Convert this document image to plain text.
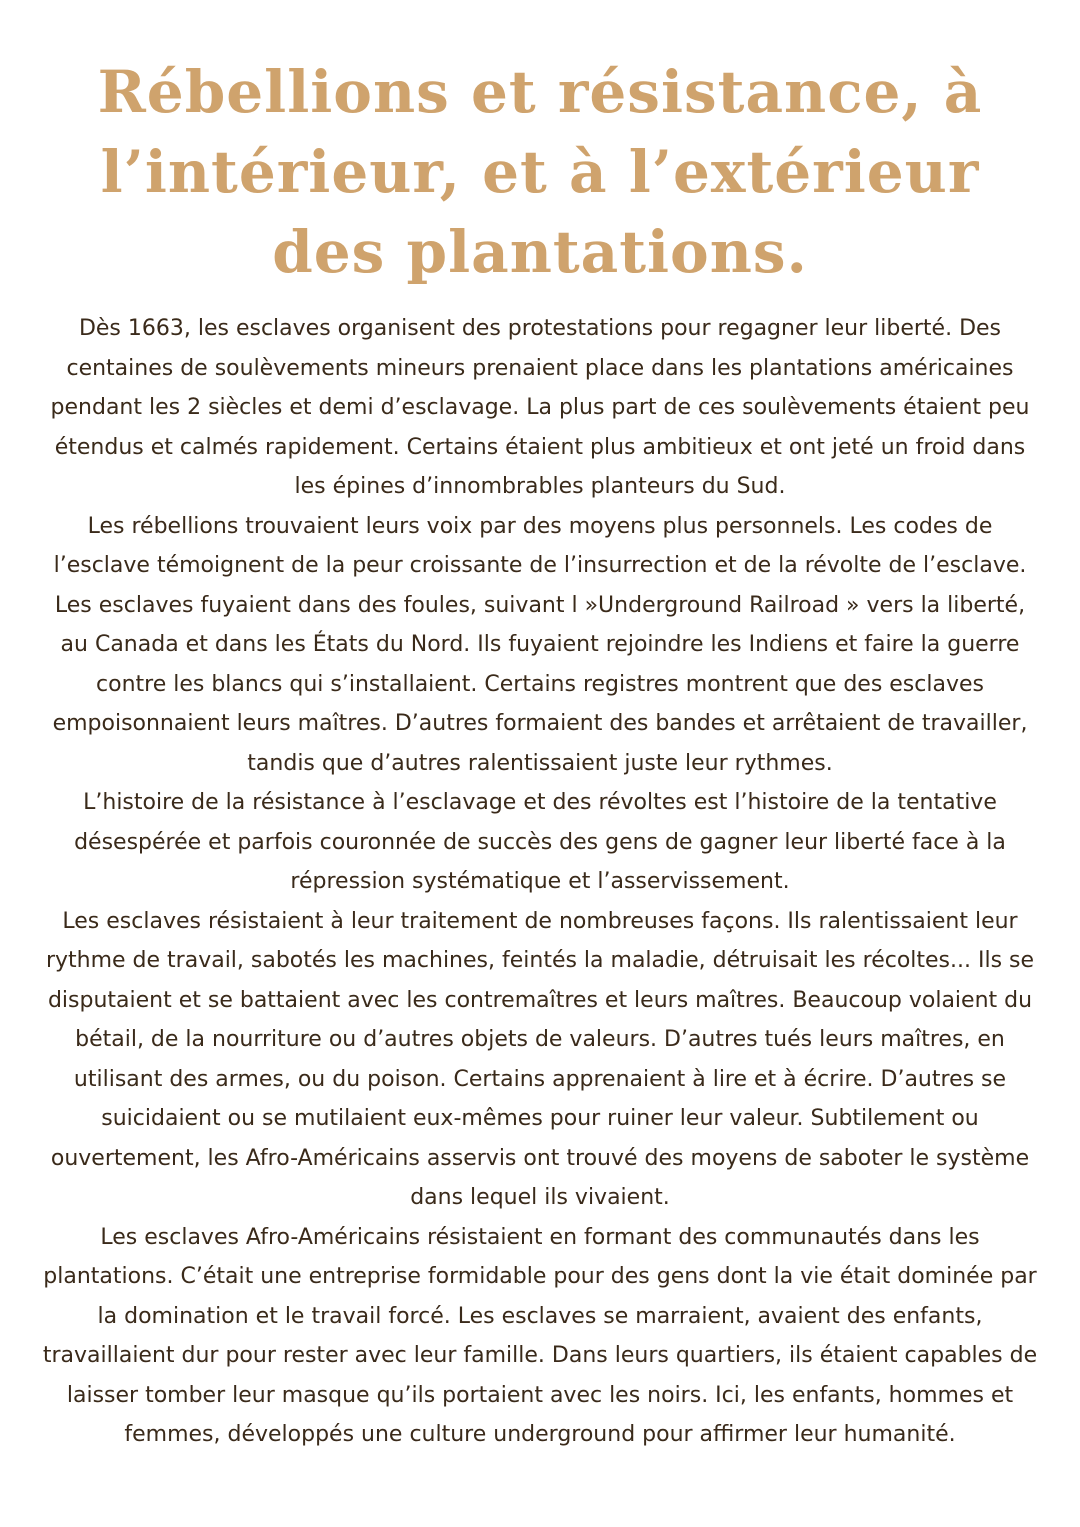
Rébellions et résistance, à l’intérieur, et à l’extérieur des plantations.

Dès 1663, les esclaves organisent des protestations pour regagner leur liberté. Des centaines de soulèvements mineurs prenaient place dans les plantations américaines pendant les 2 siècles et demi d’esclavage. La plus part de ces soulèvements étaient peu étendus et calmés rapidement. Certains étaient plus ambitieux et ont jeté un froid dans les épines d’innombrables planteurs du Sud.

Les rébellions trouvaient leurs voix par des moyens plus personnels. Les codes de l’esclave témoignent de la peur croissante de l’insurrection et de la révolte de l’esclave. Les esclaves fuyaient dans des foules, suivant l »Underground Railroad » vers la liberté, au Canada et dans les États du Nord. Ils fuyaient rejoindre les Indiens et faire la guerre contre les blancs qui s’installaient. Certains registres montrent que des esclaves empoisonnaient leurs maîtres. D’autres formaient des bandes et arrêtaient de travailler, tandis que d’autres ralentissaient juste leur rythmes.

L’histoire de la résistance à l’esclavage et des révoltes est l’histoire de la tentative désespérée et parfois couronnée de succès des gens de gagner leur liberté face à la répression systématique et l’asservissement.

Les esclaves résistaient à leur traitement de nombreuses façons. Ils ralentissaient leur rythme de travail, sabotés les machines, feintés la maladie, détruisait les récoltes... Ils se disputaient et se battaient avec les contremaîtres et leurs maîtres. Beaucoup volaient du bétail, de la nourriture ou d’autres objets de valeurs. D’autres tués leurs maîtres, en utilisant des armes, ou du poison. Certains apprenaient à lire et à écrire. D’autres se suicidaient ou se mutilaient eux-mêmes pour ruiner leur valeur. Subtilement ou ouvertement, les Afro-Américains asservis ont trouvé des moyens de saboter le système dans lequel ils vivaient.

Les esclaves Afro-Américains résistaient en formant des communautés dans les plantations. C’était une entreprise formidable pour des gens dont la vie était dominée par la domination et le travail forcé. Les esclaves se marraient, avaient des enfants, travaillaient dur pour rester avec leur famille. Dans leurs quartiers, ils étaient capables de laisser tomber leur masque qu’ils portaient avec les noirs. Ici, les enfants, hommes et femmes, développés une culture underground pour affirmer leur humanité.
